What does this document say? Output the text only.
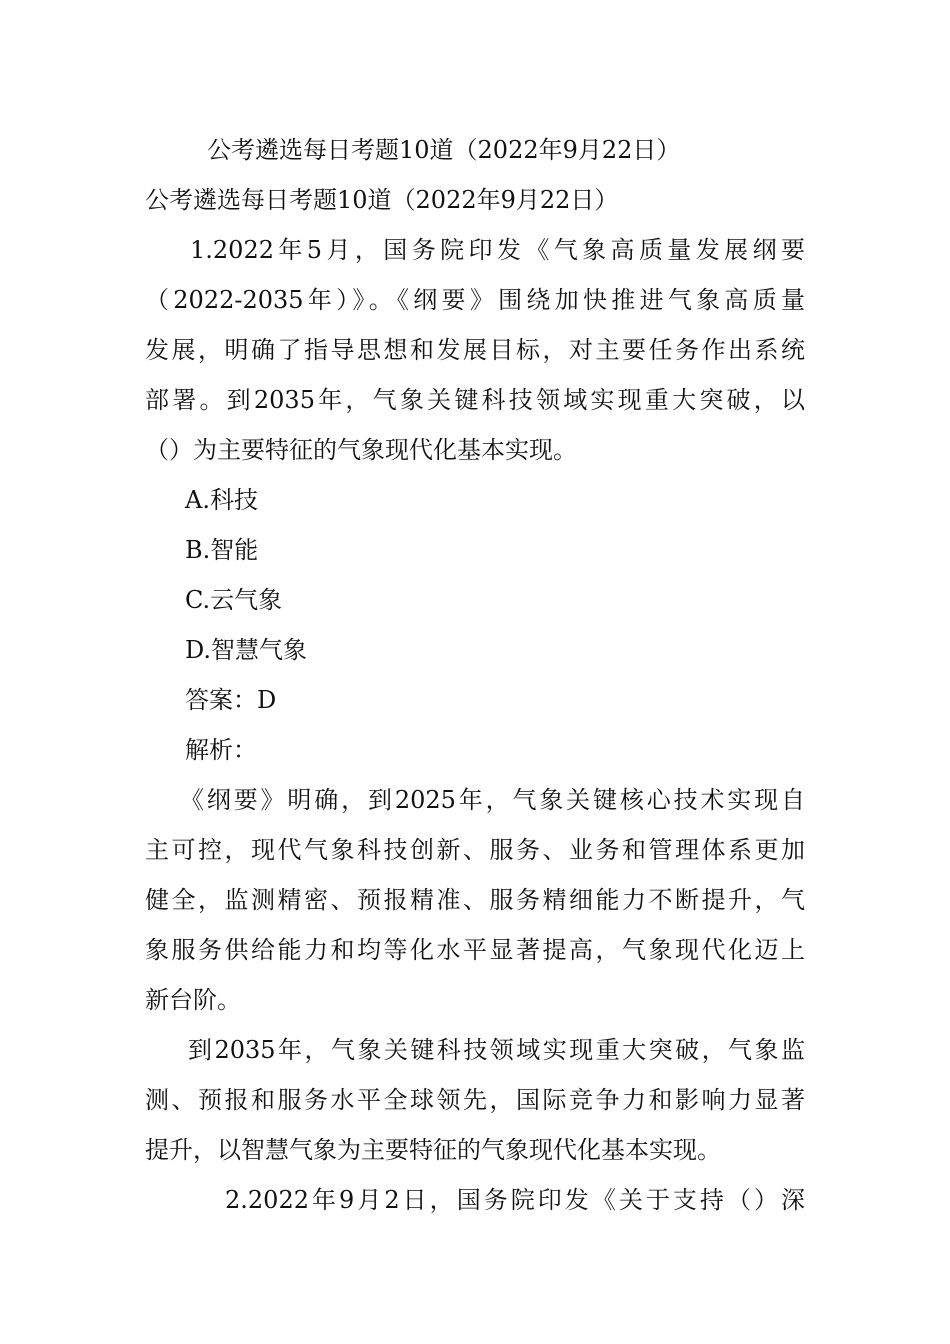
公考遴选每日考题10道（2022年9月22日）
公考遴选每日考题10道（2022年9月22日）
1.2022年5月，国务院印发《气象高质量发展纲要
（2022-2035年）》。《纲要》围绕加快推进气象高质量
发展，明确了指导思想和发展目标，对主要任务作出系统
部署。到2035年，气象关键科技领域实现重大突破，以
（）为主要特征的气象现代化基本实现。
A.科技
B.智能
C.云气象
D.智慧气象
答案：D
解析：
《纲要》明确，到2025年，气象关键核心技术实现自
主可控，现代气象科技创新、服务、业务和管理体系更加
健全，监测精密、预报精准、服务精细能力不断提升，气
象服务供给能力和均等化水平显著提高，气象现代化迈上
新台阶。
到2035年，气象关键科技领域实现重大突破，气象监
测、预报和服务水平全球领先，国际竞争力和影响力显著
提升，以智慧气象为主要特征的气象现代化基本实现。
2.2022年9月2日，国务院印发《关于支持（）深
